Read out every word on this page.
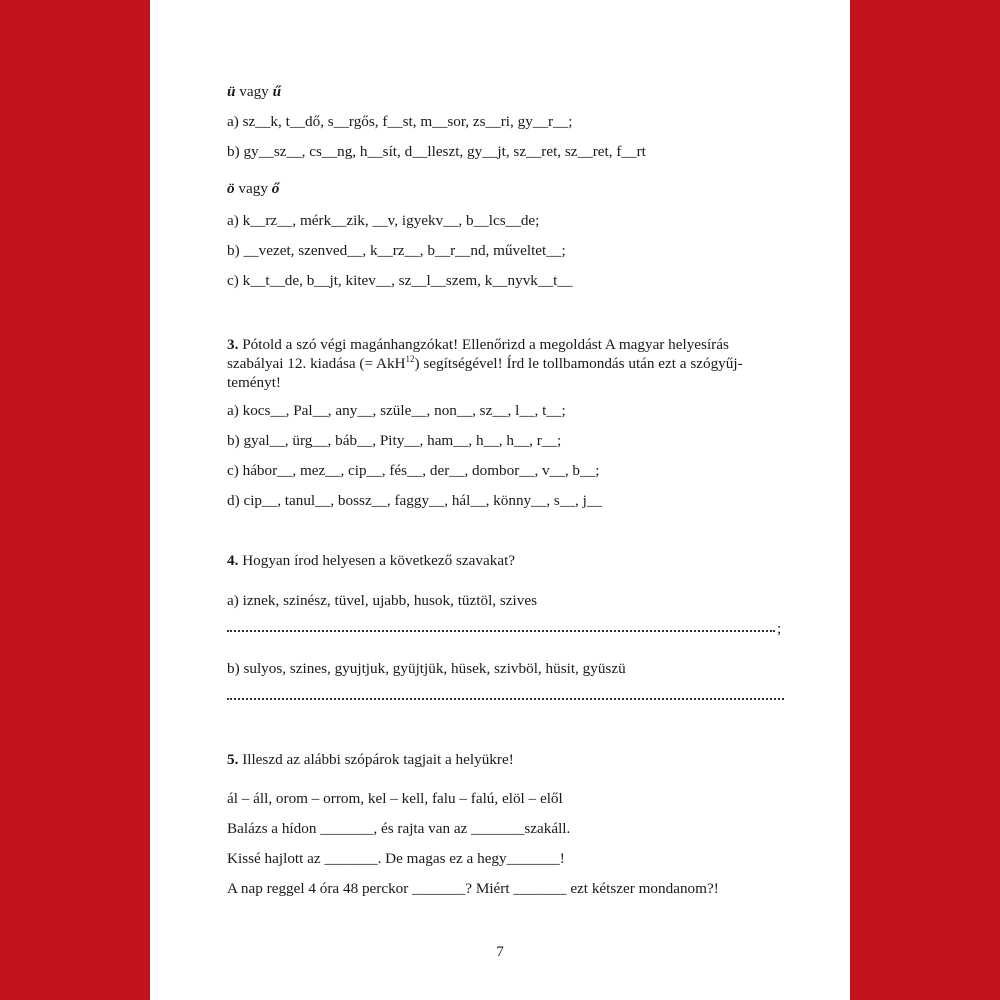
ü vagy ű
a) sz__k, t__dő, s__rgős, f__st, m__sor, zs__ri, gy__r__;
b) gy__sz__, cs__ng, h__sít, d__lleszt, gy__jt, sz__ret, sz__ret, f__rt
ö vagy ő
a) k__rz__, mérk__zik, __v, igyekv__, b__lcs__de;
b) __vezet, szenved__, k__rz__, b__r__nd, műveltet__;
c) k__t__de, b__jt, kitev__, sz__l__szem, k__nyvk__t__
3. Pótold a szó végi magánhangzókat! Ellenőrizd a megoldást A magyar helyesírás
szabályai 12. kiadása (= AkH$^{12}$) segítségével! Írd le tollbamondás után ezt a szógyűj-
teményt!
a) kocs__, Pal__, any__, szüle__, non__, sz__, l__, t__;
b) gyal__, ürg__, báb__, Pity__, ham__, h__, h__, r__;
c) hábor__, mez__, cip__, fés__, der__, dombor__, v__, b__;
d) cip__, tanul__, bossz__, faggy__, hál__, könny__, s__, j__
4. Hogyan írod helyesen a következő szavakat?
a) iznek, szinész, tüvel, ujabb, husok, tüztöl, szives
;
b) sulyos, szines, gyujtjuk, gyüjtjük, hüsek, szivböl, hüsit, gyüszü
5. Illeszd az alábbi szópárok tagjait a helyükre!
ál – áll, orom – orrom, kel – kell, falu – falú, elöl – elől
Balázs a hídon _______, és rajta van az _______szakáll.
Kissé hajlott az _______. De magas ez a hegy_______!
A nap reggel 4 óra 48 perckor _______? Miért _______ ezt kétszer mondanom?!
7
